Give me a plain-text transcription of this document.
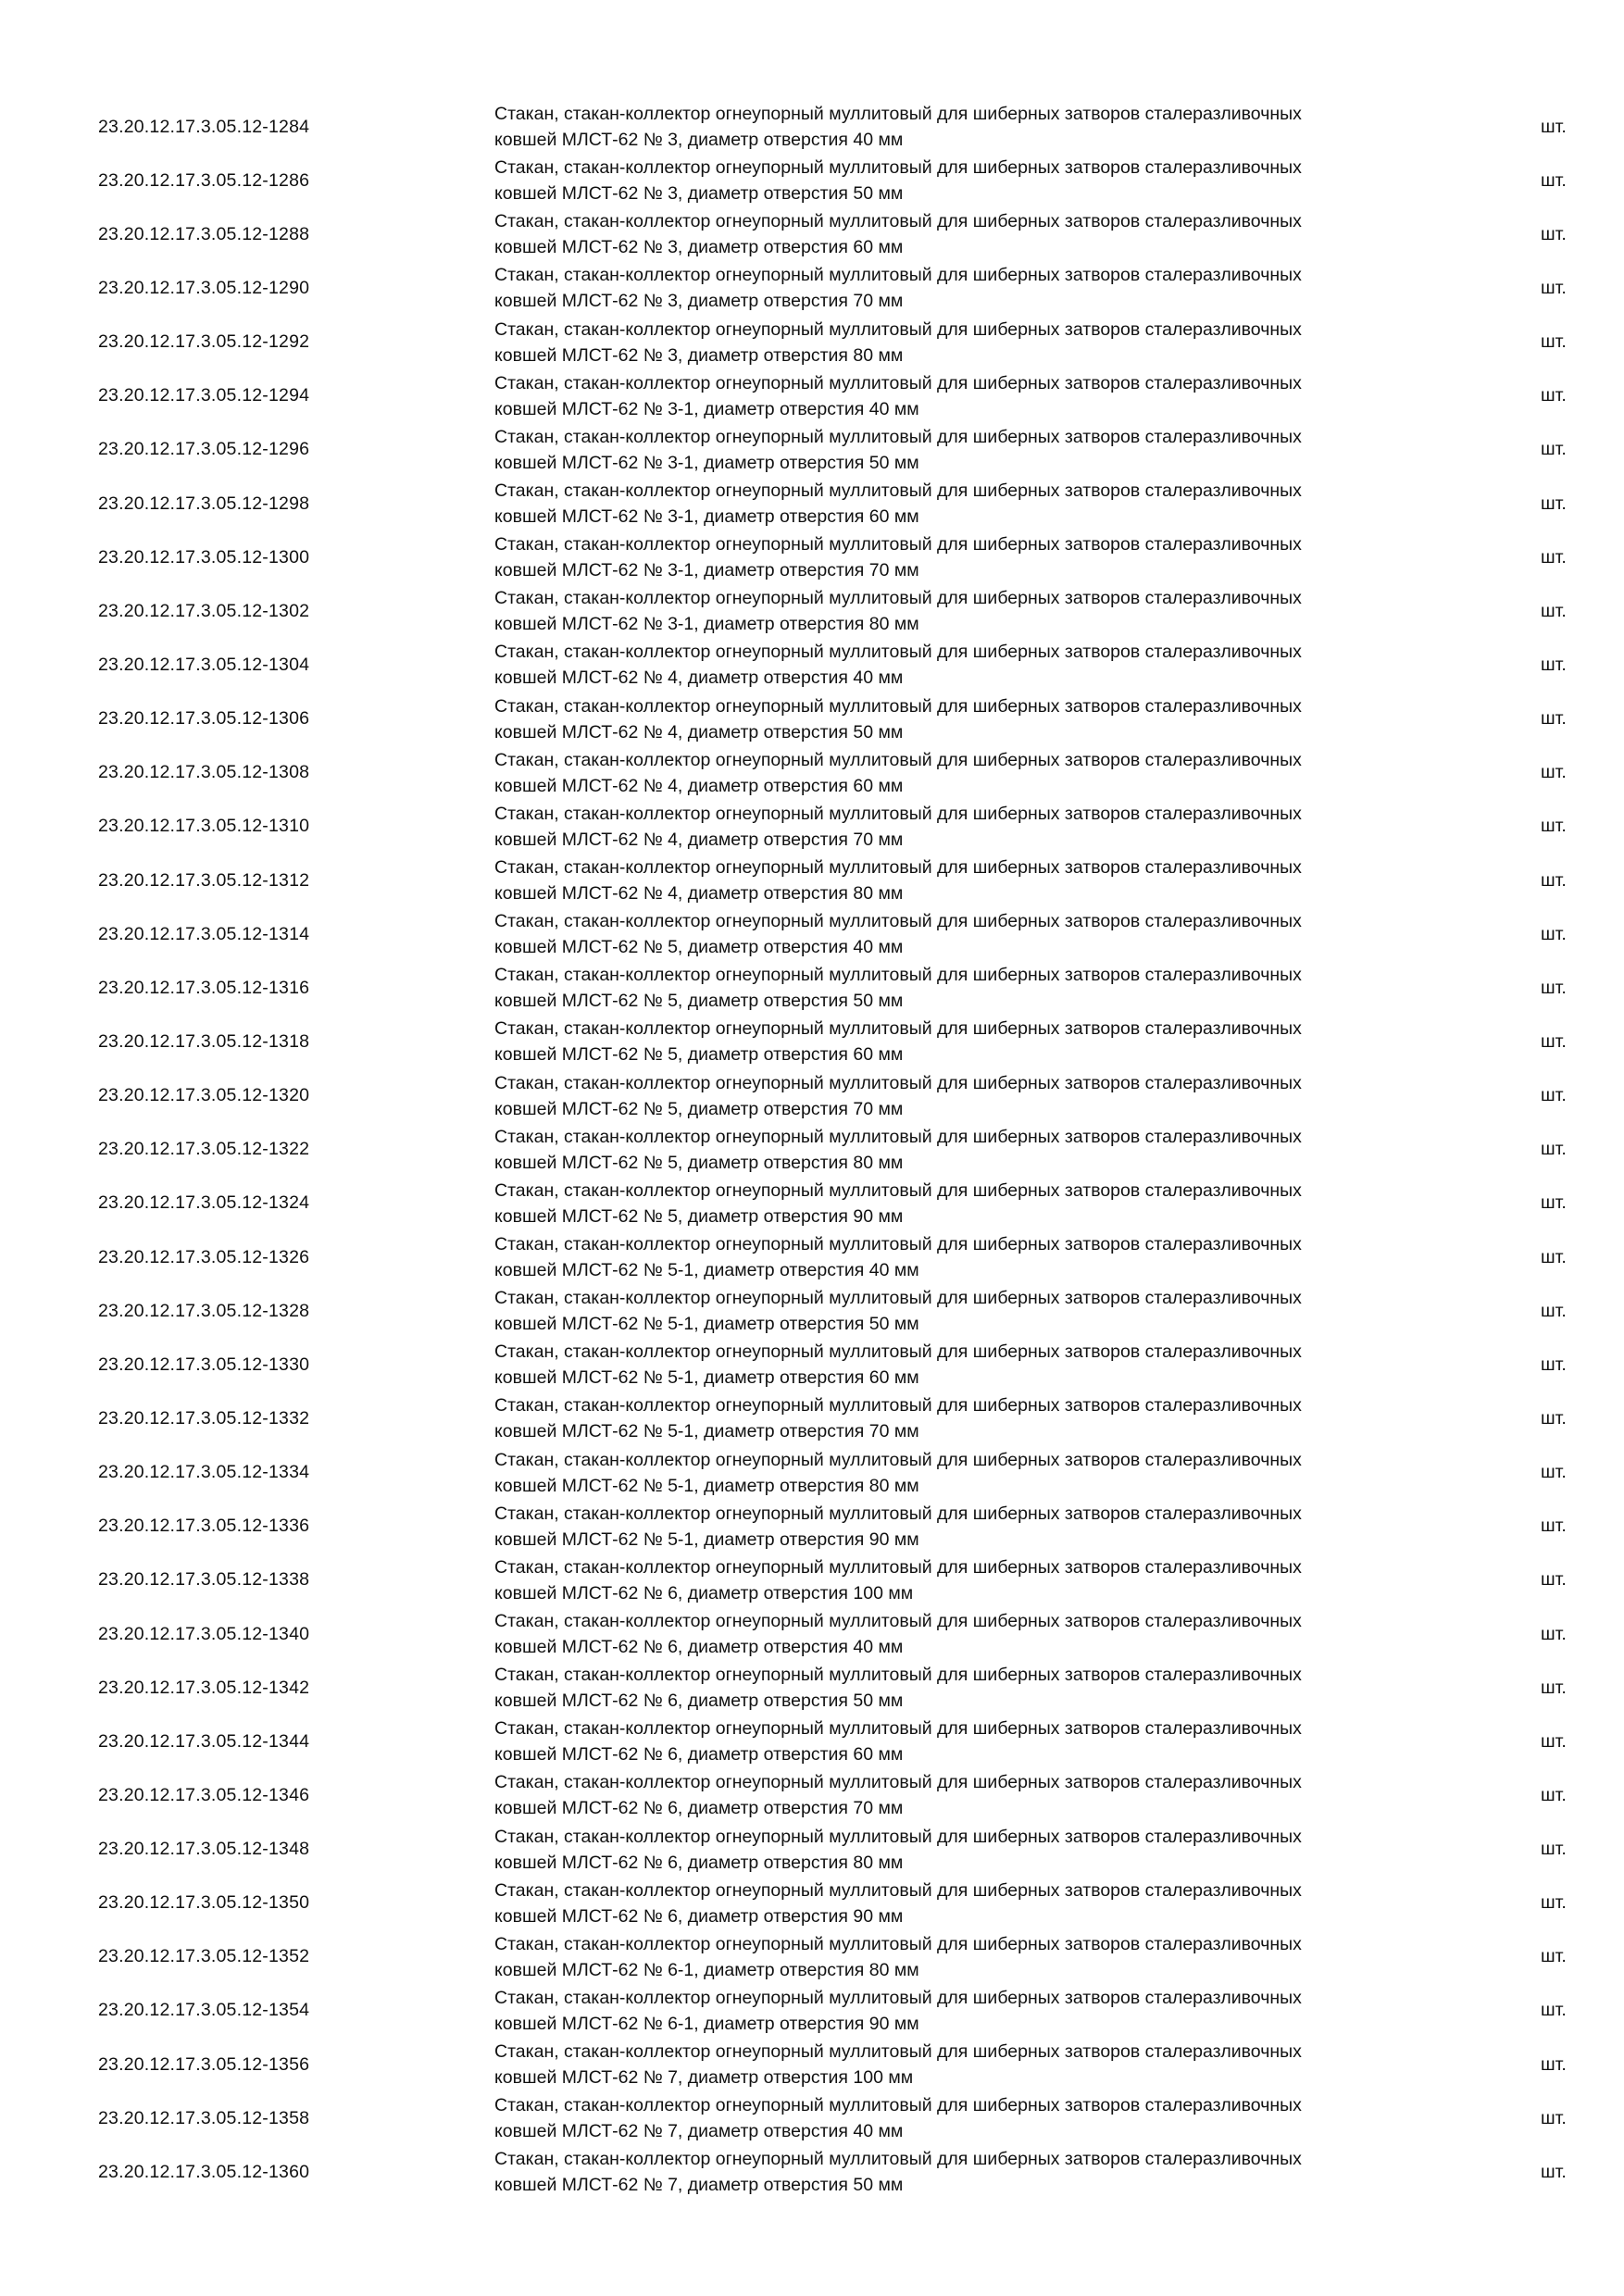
23.20.12.17.3.05.12-1284
Стакан, стакан-коллектор огнеупорный муллитовый для шиберных затворов сталеразливочных
ковшей МЛСТ-62 № 3, диаметр отверстия 40 мм
шт.
23.20.12.17.3.05.12-1286
Стакан, стакан-коллектор огнеупорный муллитовый для шиберных затворов сталеразливочных
ковшей МЛСТ-62 № 3, диаметр отверстия 50 мм
шт.
23.20.12.17.3.05.12-1288
Стакан, стакан-коллектор огнеупорный муллитовый для шиберных затворов сталеразливочных
ковшей МЛСТ-62 № 3, диаметр отверстия 60 мм
шт.
23.20.12.17.3.05.12-1290
Стакан, стакан-коллектор огнеупорный муллитовый для шиберных затворов сталеразливочных
ковшей МЛСТ-62 № 3, диаметр отверстия 70 мм
шт.
23.20.12.17.3.05.12-1292
Стакан, стакан-коллектор огнеупорный муллитовый для шиберных затворов сталеразливочных
ковшей МЛСТ-62 № 3, диаметр отверстия 80 мм
шт.
23.20.12.17.3.05.12-1294
Стакан, стакан-коллектор огнеупорный муллитовый для шиберных затворов сталеразливочных
ковшей МЛСТ-62 № 3-1, диаметр отверстия 40 мм
шт.
23.20.12.17.3.05.12-1296
Стакан, стакан-коллектор огнеупорный муллитовый для шиберных затворов сталеразливочных
ковшей МЛСТ-62 № 3-1, диаметр отверстия 50 мм
шт.
23.20.12.17.3.05.12-1298
Стакан, стакан-коллектор огнеупорный муллитовый для шиберных затворов сталеразливочных
ковшей МЛСТ-62 № 3-1, диаметр отверстия 60 мм
шт.
23.20.12.17.3.05.12-1300
Стакан, стакан-коллектор огнеупорный муллитовый для шиберных затворов сталеразливочных
ковшей МЛСТ-62 № 3-1, диаметр отверстия 70 мм
шт.
23.20.12.17.3.05.12-1302
Стакан, стакан-коллектор огнеупорный муллитовый для шиберных затворов сталеразливочных
ковшей МЛСТ-62 № 3-1, диаметр отверстия 80 мм
шт.
23.20.12.17.3.05.12-1304
Стакан, стакан-коллектор огнеупорный муллитовый для шиберных затворов сталеразливочных
ковшей МЛСТ-62 № 4, диаметр отверстия 40 мм
шт.
23.20.12.17.3.05.12-1306
Стакан, стакан-коллектор огнеупорный муллитовый для шиберных затворов сталеразливочных
ковшей МЛСТ-62 № 4, диаметр отверстия 50 мм
шт.
23.20.12.17.3.05.12-1308
Стакан, стакан-коллектор огнеупорный муллитовый для шиберных затворов сталеразливочных
ковшей МЛСТ-62 № 4, диаметр отверстия 60 мм
шт.
23.20.12.17.3.05.12-1310
Стакан, стакан-коллектор огнеупорный муллитовый для шиберных затворов сталеразливочных
ковшей МЛСТ-62 № 4, диаметр отверстия 70 мм
шт.
23.20.12.17.3.05.12-1312
Стакан, стакан-коллектор огнеупорный муллитовый для шиберных затворов сталеразливочных
ковшей МЛСТ-62 № 4, диаметр отверстия 80 мм
шт.
23.20.12.17.3.05.12-1314
Стакан, стакан-коллектор огнеупорный муллитовый для шиберных затворов сталеразливочных
ковшей МЛСТ-62 № 5, диаметр отверстия 40 мм
шт.
23.20.12.17.3.05.12-1316
Стакан, стакан-коллектор огнеупорный муллитовый для шиберных затворов сталеразливочных
ковшей МЛСТ-62 № 5, диаметр отверстия 50 мм
шт.
23.20.12.17.3.05.12-1318
Стакан, стакан-коллектор огнеупорный муллитовый для шиберных затворов сталеразливочных
ковшей МЛСТ-62 № 5, диаметр отверстия 60 мм
шт.
23.20.12.17.3.05.12-1320
Стакан, стакан-коллектор огнеупорный муллитовый для шиберных затворов сталеразливочных
ковшей МЛСТ-62 № 5, диаметр отверстия 70 мм
шт.
23.20.12.17.3.05.12-1322
Стакан, стакан-коллектор огнеупорный муллитовый для шиберных затворов сталеразливочных
ковшей МЛСТ-62 № 5, диаметр отверстия 80 мм
шт.
23.20.12.17.3.05.12-1324
Стакан, стакан-коллектор огнеупорный муллитовый для шиберных затворов сталеразливочных
ковшей МЛСТ-62 № 5, диаметр отверстия 90 мм
шт.
23.20.12.17.3.05.12-1326
Стакан, стакан-коллектор огнеупорный муллитовый для шиберных затворов сталеразливочных
ковшей МЛСТ-62 № 5-1, диаметр отверстия 40 мм
шт.
23.20.12.17.3.05.12-1328
Стакан, стакан-коллектор огнеупорный муллитовый для шиберных затворов сталеразливочных
ковшей МЛСТ-62 № 5-1, диаметр отверстия 50 мм
шт.
23.20.12.17.3.05.12-1330
Стакан, стакан-коллектор огнеупорный муллитовый для шиберных затворов сталеразливочных
ковшей МЛСТ-62 № 5-1, диаметр отверстия 60 мм
шт.
23.20.12.17.3.05.12-1332
Стакан, стакан-коллектор огнеупорный муллитовый для шиберных затворов сталеразливочных
ковшей МЛСТ-62 № 5-1, диаметр отверстия 70 мм
шт.
23.20.12.17.3.05.12-1334
Стакан, стакан-коллектор огнеупорный муллитовый для шиберных затворов сталеразливочных
ковшей МЛСТ-62 № 5-1, диаметр отверстия 80 мм
шт.
23.20.12.17.3.05.12-1336
Стакан, стакан-коллектор огнеупорный муллитовый для шиберных затворов сталеразливочных
ковшей МЛСТ-62 № 5-1, диаметр отверстия 90 мм
шт.
23.20.12.17.3.05.12-1338
Стакан, стакан-коллектор огнеупорный муллитовый для шиберных затворов сталеразливочных
ковшей МЛСТ-62 № 6, диаметр отверстия 100 мм
шт.
23.20.12.17.3.05.12-1340
Стакан, стакан-коллектор огнеупорный муллитовый для шиберных затворов сталеразливочных
ковшей МЛСТ-62 № 6, диаметр отверстия 40 мм
шт.
23.20.12.17.3.05.12-1342
Стакан, стакан-коллектор огнеупорный муллитовый для шиберных затворов сталеразливочных
ковшей МЛСТ-62 № 6, диаметр отверстия 50 мм
шт.
23.20.12.17.3.05.12-1344
Стакан, стакан-коллектор огнеупорный муллитовый для шиберных затворов сталеразливочных
ковшей МЛСТ-62 № 6, диаметр отверстия 60 мм
шт.
23.20.12.17.3.05.12-1346
Стакан, стакан-коллектор огнеупорный муллитовый для шиберных затворов сталеразливочных
ковшей МЛСТ-62 № 6, диаметр отверстия 70 мм
шт.
23.20.12.17.3.05.12-1348
Стакан, стакан-коллектор огнеупорный муллитовый для шиберных затворов сталеразливочных
ковшей МЛСТ-62 № 6, диаметр отверстия 80 мм
шт.
23.20.12.17.3.05.12-1350
Стакан, стакан-коллектор огнеупорный муллитовый для шиберных затворов сталеразливочных
ковшей МЛСТ-62 № 6, диаметр отверстия 90 мм
шт.
23.20.12.17.3.05.12-1352
Стакан, стакан-коллектор огнеупорный муллитовый для шиберных затворов сталеразливочных
ковшей МЛСТ-62 № 6-1, диаметр отверстия 80 мм
шт.
23.20.12.17.3.05.12-1354
Стакан, стакан-коллектор огнеупорный муллитовый для шиберных затворов сталеразливочных
ковшей МЛСТ-62 № 6-1, диаметр отверстия 90 мм
шт.
23.20.12.17.3.05.12-1356
Стакан, стакан-коллектор огнеупорный муллитовый для шиберных затворов сталеразливочных
ковшей МЛСТ-62 № 7, диаметр отверстия 100 мм
шт.
23.20.12.17.3.05.12-1358
Стакан, стакан-коллектор огнеупорный муллитовый для шиберных затворов сталеразливочных
ковшей МЛСТ-62 № 7, диаметр отверстия 40 мм
шт.
23.20.12.17.3.05.12-1360
Стакан, стакан-коллектор огнеупорный муллитовый для шиберных затворов сталеразливочных
ковшей МЛСТ-62 № 7, диаметр отверстия 50 мм
шт.
